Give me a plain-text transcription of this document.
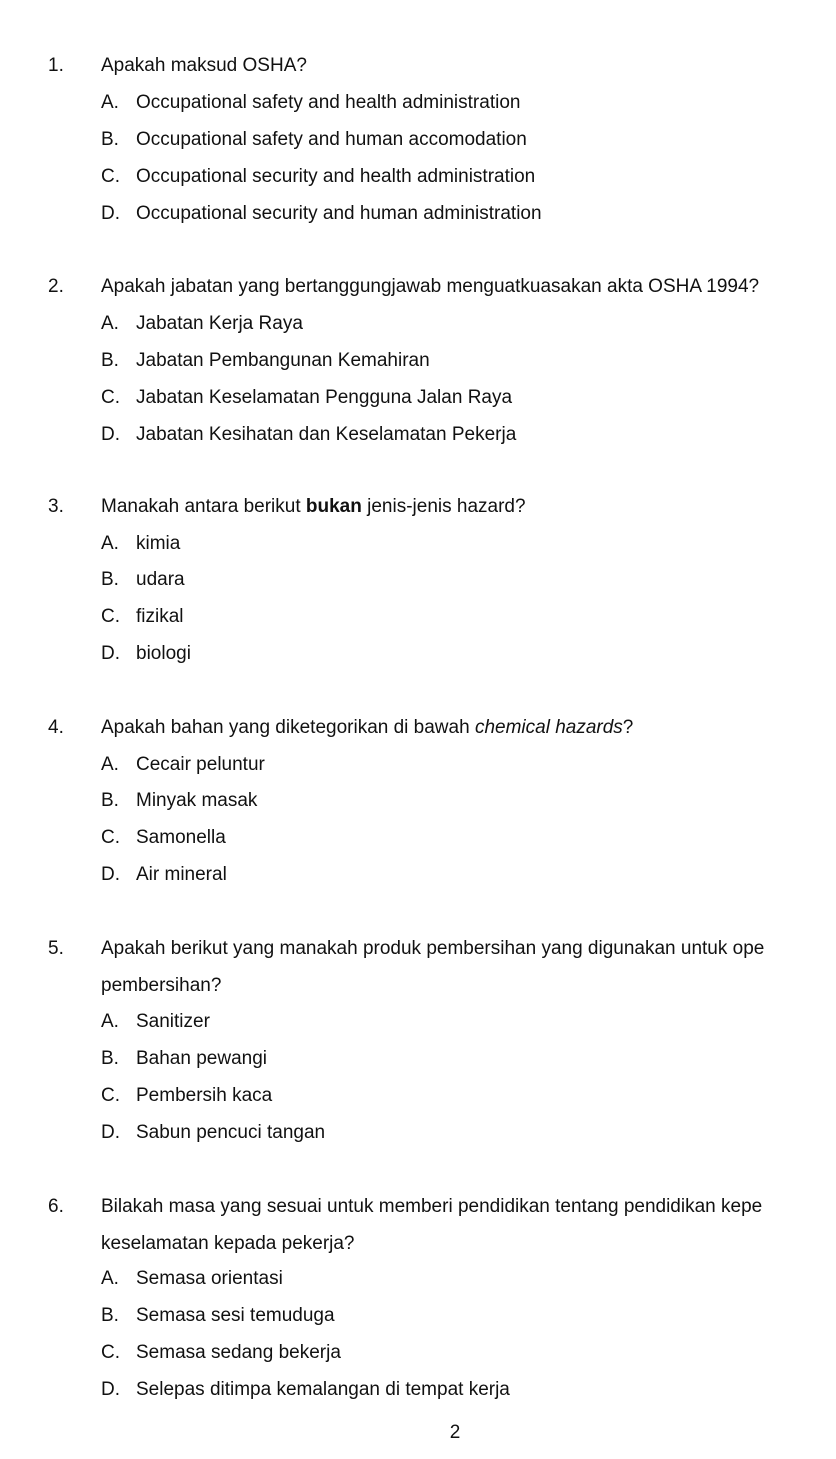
1. Apakah maksud OSHA?
A. Occupational safety and health administration
B. Occupational safety and human accomodation
C. Occupational security and health administration
D. Occupational security and human administration
2. Apakah jabatan yang bertanggungjawab menguatkuasakan akta OSHA 1994?
A. Jabatan Kerja Raya
B. Jabatan Pembangunan Kemahiran
C. Jabatan Keselamatan Pengguna Jalan Raya
D. Jabatan Kesihatan dan Keselamatan Pekerja
3. Manakah antara berikut bukan jenis-jenis hazard?
A. kimia
B. udara
C. fizikal
D. biologi
4. Apakah bahan yang diketegorikan di bawah chemical hazards?
A. Cecair peluntur
B. Minyak masak
C. Samonella
D. Air mineral
5. Apakah berikut yang manakah produk pembersihan yang digunakan untuk ope
pembersihan?
A. Sanitizer
B. Bahan pewangi
C. Pembersih kaca
D. Sabun pencuci tangan
6. Bilakah masa yang sesuai untuk memberi pendidikan tentang pendidikan kepe
keselamatan kepada pekerja?
A. Semasa orientasi
B. Semasa sesi temuduga
C. Semasa sedang bekerja
D. Selepas ditimpa kemalangan di tempat kerja
2
